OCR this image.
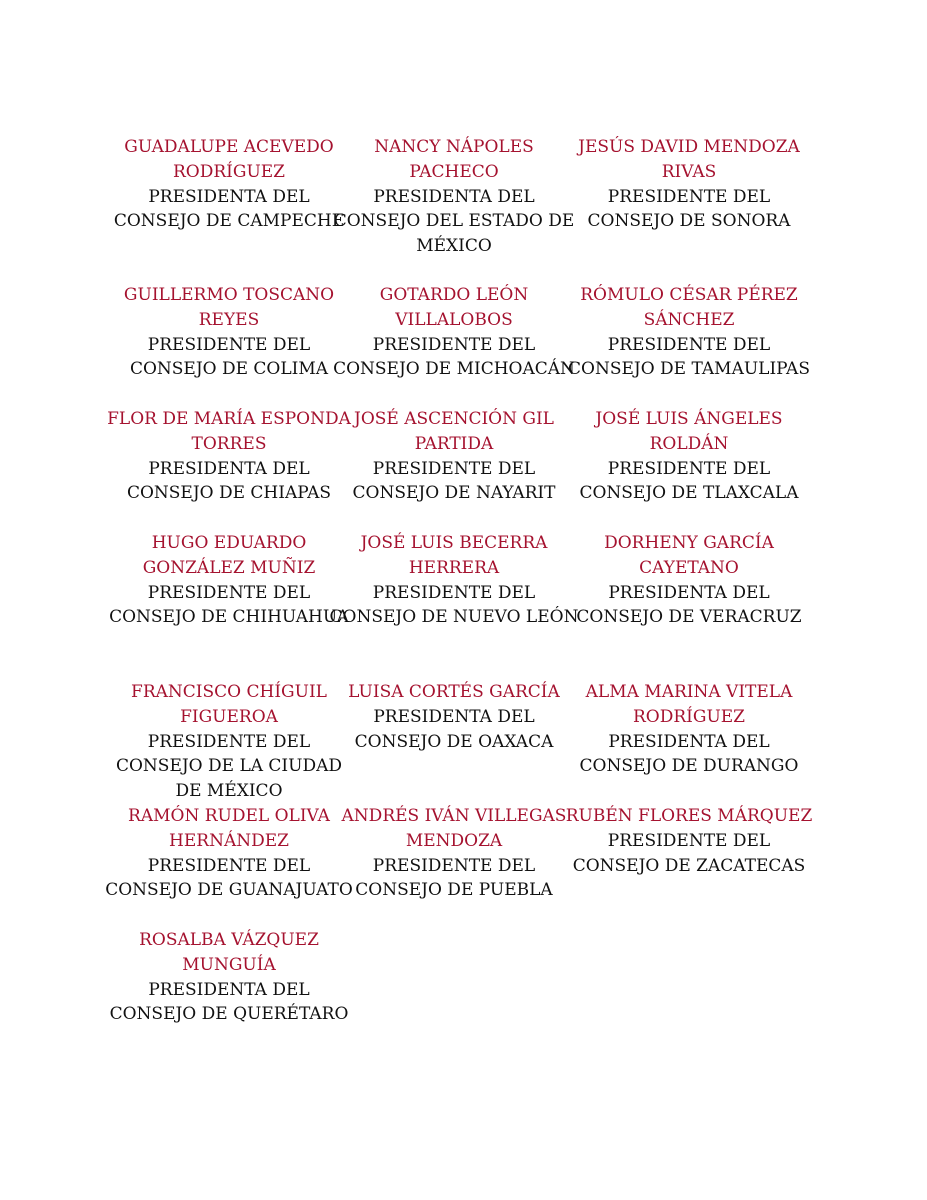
GUADALUPE ACEVEDO RODRÍGUEZ
PRESIDENTA DEL CONSEJO DE CAMPECHE
NANCY NÁPOLES PACHECO
PRESIDENTA DEL CONSEJO DEL ESTADO DE MÉXICO
JESÚS DAVID MENDOZA RIVAS
PRESIDENTE DEL CONSEJO DE SONORA
GUILLERMO TOSCANO REYES
PRESIDENTE DEL CONSEJO DE COLIMA
GOTARDO LEÓN VILLALOBOS
PRESIDENTE DEL CONSEJO DE MICHOACÁN
RÓMULO CÉSAR PÉREZ SÁNCHEZ
PRESIDENTE DEL CONSEJO DE TAMAULIPAS
FLOR DE MARÍA ESPONDA TORRES
PRESIDENTA DEL CONSEJO DE CHIAPAS
JOSÉ ASCENCIÓN GIL PARTIDA
PRESIDENTE DEL CONSEJO DE NAYARIT
JOSÉ LUIS ÁNGELES ROLDÁN
PRESIDENTE DEL CONSEJO DE TLAXCALA
HUGO EDUARDO GONZÁLEZ MUÑIZ
PRESIDENTE DEL CONSEJO DE CHIHUAHUA
JOSÉ LUIS BECERRA HERRERA
PRESIDENTE DEL CONSEJO DE NUEVO LEÓN
DORHENY GARCÍA CAYETANO
PRESIDENTA DEL CONSEJO DE VERACRUZ
FRANCISCO CHÍGUIL FIGUEROA
PRESIDENTE DEL CONSEJO DE LA CIUDAD DE MÉXICO
LUISA CORTÉS GARCÍA
PRESIDENTA DEL CONSEJO DE OAXACA
ALMA MARINA VITELA RODRÍGUEZ
PRESIDENTA DEL CONSEJO DE DURANGO
RAMÓN RUDEL OLIVA HERNÁNDEZ
PRESIDENTE DEL CONSEJO DE GUANAJUATO
ANDRÉS IVÁN VILLEGAS MENDOZA
PRESIDENTE DEL CONSEJO DE PUEBLA
RUBÉN FLORES MÁRQUEZ
PRESIDENTE DEL CONSEJO DE ZACATECAS
ROSALBA VÁZQUEZ MUNGUÍA
PRESIDENTA DEL CONSEJO DE QUERÉTARO
